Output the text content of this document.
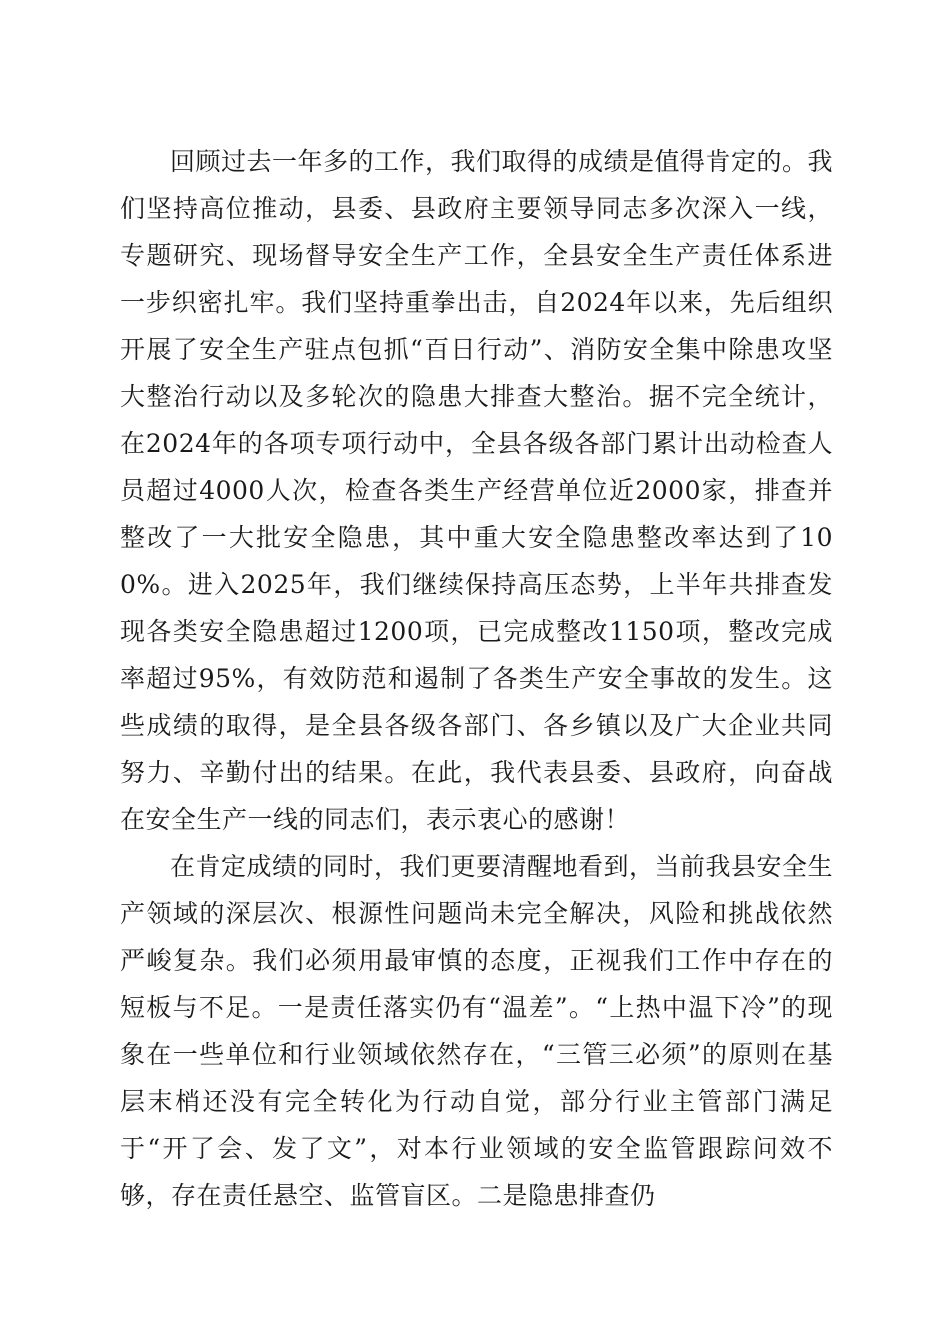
回顾过去一年多的工作，我们取得的成绩是值得肯定的。我们坚持高位推动，县委、县政府主要领导同志多次深入一线，专题研究、现场督导安全生产工作，全县安全生产责任体系进一步织密扎牢。我们坚持重拳出击，自2024年以来，先后组织开展了安全生产驻点包抓“百日行动”、消防安全集中除患攻坚大整治行动以及多轮次的隐患大排查大整治。据不完全统计，在2024年的各项专项行动中，全县各级各部门累计出动检查人员超过4000人次，检查各类生产经营单位近2000家，排查并整改了一大批安全隐患，其中重大安全隐患整改率达到了100%。进入2025年，我们继续保持高压态势，上半年共排查发现各类安全隐患超过1200项，已完成整改1150项，整改完成率超过95%，有效防范和遏制了各类生产安全事故的发生。这些成绩的取得，是全县各级各部门、各乡镇以及广大企业共同努力、辛勤付出的结果。在此，我代表县委、县政府，向奋战在安全生产一线的同志们，表示衷心的感谢！

在肯定成绩的同时，我们更要清醒地看到，当前我县安全生产领域的深层次、根源性问题尚未完全解决，风险和挑战依然严峻复杂。我们必须用最审慎的态度，正视我们工作中存在的短板与不足。一是责任落实仍有“温差”。“上热中温下冷”的现象在一些单位和行业领域依然存在，“三管三必须”的原则在基层末梢还没有完全转化为行动自觉，部分行业主管部门满足于“开了会、发了文”，对本行业领域的安全监管跟踪问效不够，存在责任悬空、监管盲区。二是隐患排查仍
